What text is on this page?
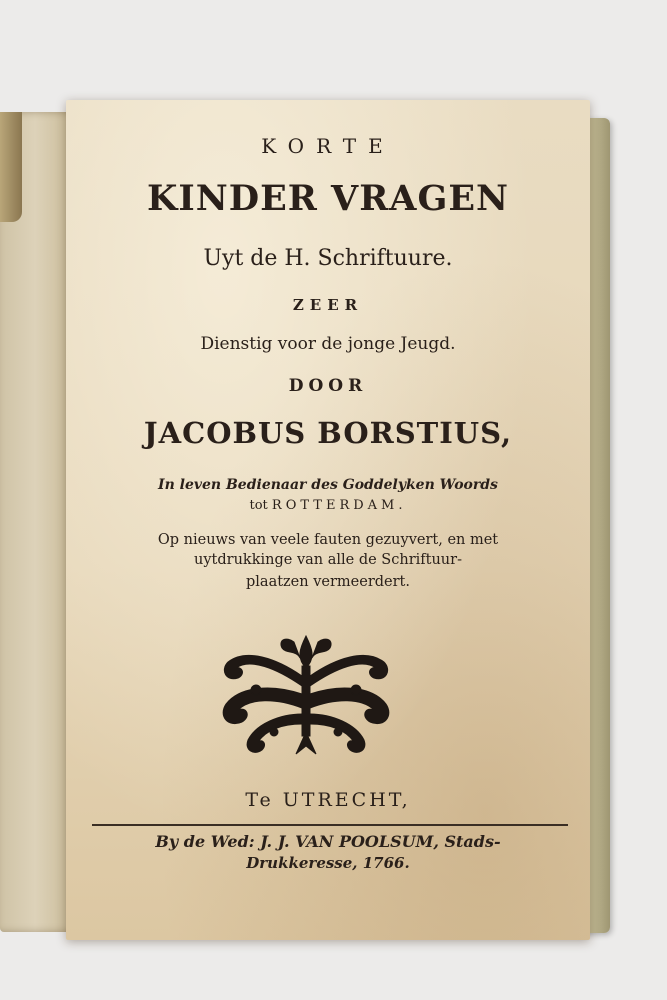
KORTE
KINDER VRAGEN
Uyt de H. Schriftuure.
ZEER
Dienstig voor de jonge Jeugd.
DOOR
JACOBUS BORSTIUS,
In leven Bedienaar des Goddelyken Woords
tot ROTTERDAM.
Op nieuws van veele fauten gezuyvert, en met
uytdrukkinge van alle de Schriftuur-
plaatzen vermeerdert.
Te UTRECHT,
By de Wed: J. J. VAN POOLSUM, Stads-
Drukkeresse, 1766.
